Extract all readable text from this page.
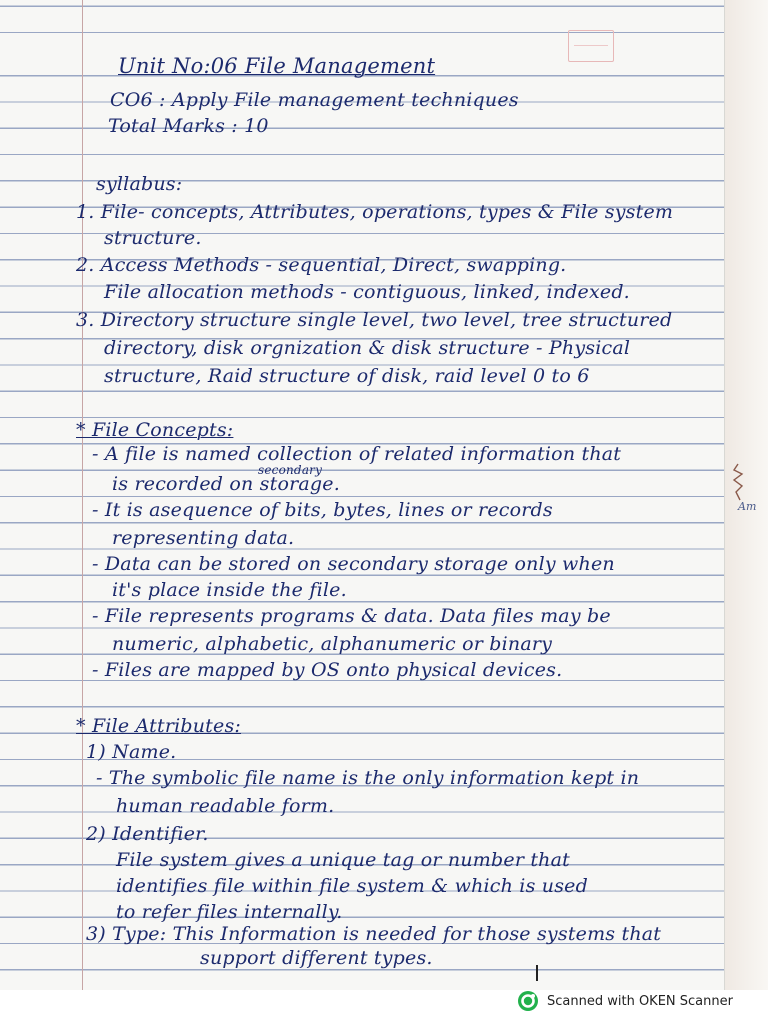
Unit No:06 File Management
CO6 : Apply File management techniques
Total Marks : 10
syllabus:
1. File- concepts, Attributes, operations, types & File system
structure.
2. Access Methods - sequential, Direct, swapping.
File allocation methods - contiguous, linked, indexed.
3. Directory structure single level, two level, tree structured
directory, disk orgnization & disk structure - Physical
structure, Raid structure of disk, raid level 0 to 6
* File Concepts:
- A file is named collection of related information that
secondary
is recorded on storage.
- It is asequence of bits, bytes, lines or records
representing data.
- Data can be stored on secondary storage only when
it's place inside the file.
- File represents programs & data. Data files may be
numeric, alphabetic, alphanumeric or binary
- Files are mapped by OS onto physical devices.
* File Attributes:
1) Name.
- The symbolic file name is the only information kept in
human readable form.
2) Identifier.
File system gives a unique tag or number that
identifies file within file system & which is used
to refer files internally.
3) Type: This Information is needed for those systems that
support different types.
Am
Scanned with OKEN Scanner
